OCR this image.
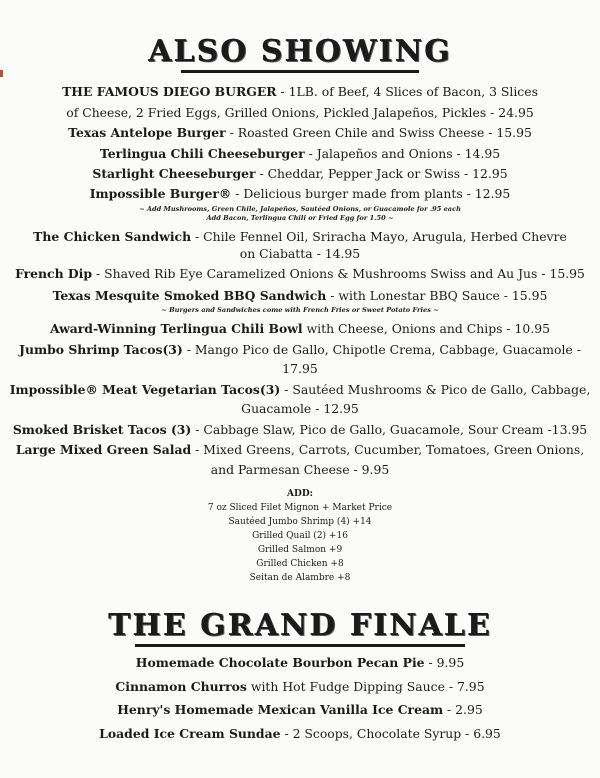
ALSO SHOWING
THE FAMOUS DIEGO BURGER - 1LB. of Beef, 4 Slices of Bacon, 3 Slices
of Cheese, 2 Fried Eggs, Grilled Onions, Pickled Jalapeños, Pickles - 24.95
Texas Antelope Burger - Roasted Green Chile and Swiss Cheese - 15.95
Terlingua Chili Cheeseburger - Jalapeños and Onions - 14.95
Starlight Cheeseburger - Cheddar, Pepper Jack or Swiss - 12.95
Impossible Burger® - Delicious burger made from plants - 12.95
~ Add Mushrooms, Green Chile, Jalapeños, Sautéed Onions, or Guacamole for .95 each
Add Bacon, Terlingua Chili or Fried Egg for 1.50 ~
The Chicken Sandwich - Chile Fennel Oil, Sriracha Mayo, Arugula, Herbed Chevre
on Ciabatta - 14.95
French Dip - Shaved Rib Eye Caramelized Onions & Mushrooms Swiss and Au Jus - 15.95
Texas Mesquite Smoked BBQ Sandwich - with Lonestar BBQ Sauce - 15.95
~ Burgers and Sandwiches come with French Fries or Sweet Potato Fries ~
Award-Winning Terlingua Chili Bowl with Cheese, Onions and Chips - 10.95
Jumbo Shrimp Tacos(3) - Mango Pico de Gallo, Chipotle Crema, Cabbage, Guacamole -
17.95
Impossible® Meat Vegetarian Tacos(3) - Sautéed Mushrooms & Pico de Gallo, Cabbage,
Guacamole - 12.95
Smoked Brisket Tacos (3) - Cabbage Slaw, Pico de Gallo, Guacamole, Sour Cream -13.95
Large Mixed Green Salad - Mixed Greens, Carrots, Cucumber, Tomatoes, Green Onions,
and Parmesan Cheese - 9.95
ADD:
7 oz Sliced Filet Mignon + Market Price
Sautéed Jumbo Shrimp (4) +14
Grilled Quail (2) +16
Grilled Salmon +9
Grilled Chicken +8
Seitan de Alambre +8
THE GRAND FINALE
Homemade Chocolate Bourbon Pecan Pie - 9.95
Cinnamon Churros with Hot Fudge Dipping Sauce - 7.95
Henry's Homemade Mexican Vanilla Ice Cream - 2.95
Loaded Ice Cream Sundae - 2 Scoops, Chocolate Syrup - 6.95
